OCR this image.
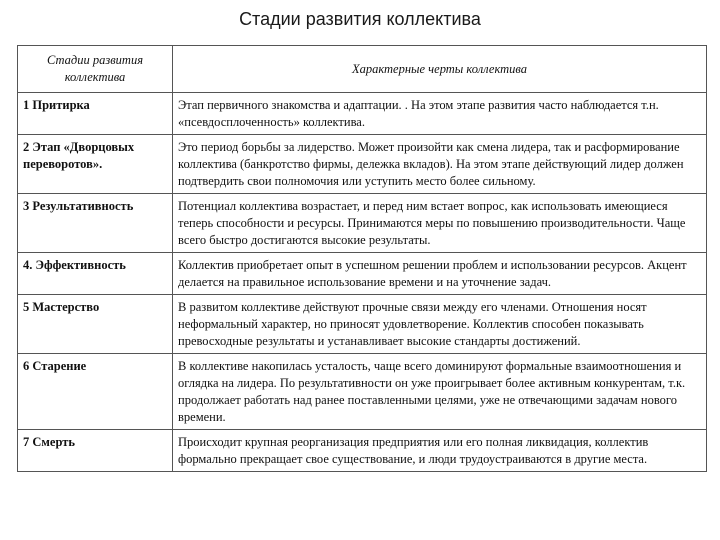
Стадии развития коллектива
Стадии развития коллектива	Характерные черты коллектива
1 Притирка	Этап первичного знакомства и адаптации. . На этом этапе развития часто наблюдается т.н. «псевдосплоченность» коллектива.
2 Этап «Дворцовых переворотов».	Это период борьбы за лидерство. Может произойти как смена лидера, так и расформирование коллектива (банкротство фирмы, дележка вкладов). На этом этапе действующий лидер должен подтвердить свои полномочия или уступить место более сильному.
3 Результативность	Потенциал коллектива возрастает, и перед ним встает вопрос, как использовать имеющиеся теперь способности и ресурсы. Принимаются меры по повышению производительности. Чаще всего быстро достигаются высокие результаты.
4. Эффективность	Коллектив приобретает опыт в успешном решении проблем и использовании ресурсов. Акцент делается на правильное использование времени и на уточнение задач.
5 Мастерство	В развитом коллективе действуют прочные связи между его членами. Отношения носят неформальный характер, но приносят удовлетворение. Коллектив способен показывать превосходные результаты и устанавливает высокие стандарты достижений.
6 Старение	В коллективе накопилась усталость, чаще всего доминируют формальные взаимоотношения и оглядка на лидера. По результативности он уже проигрывает более активным конкурентам, т.к. продолжает работать над ранее поставленными целями, уже не отвечающими задачам нового времени.
7 Смерть	Происходит крупная реорганизация предприятия или его полная ликвидация, коллектив формально прекращает свое существование, и люди трудоустраиваются в другие места.
